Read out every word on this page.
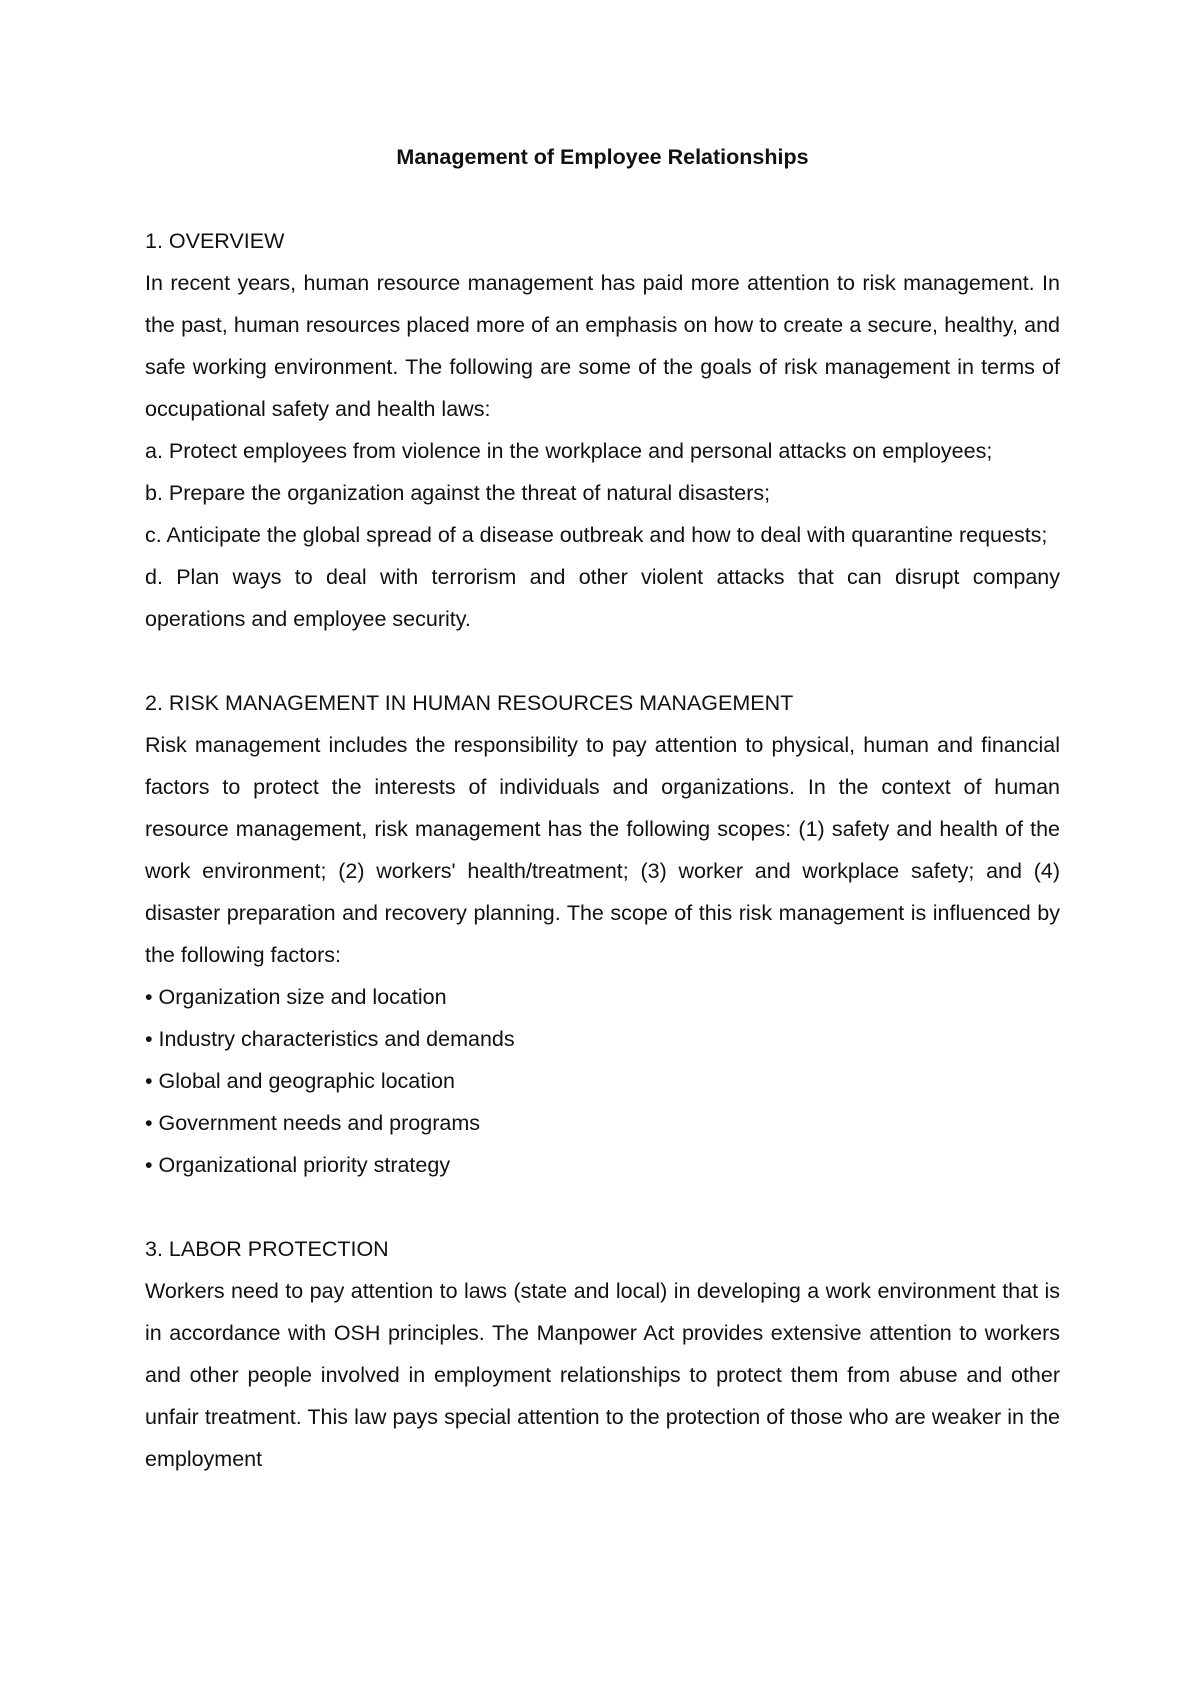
Management of Employee Relationships

1. OVERVIEW

In recent years, human resource management has paid more attention to risk management. In the past, human resources placed more of an emphasis on how to create a secure, healthy, and safe working environment. The following are some of the goals of risk management in terms of occupational safety and health laws:

a. Protect employees from violence in the workplace and personal attacks on employees;

b. Prepare the organization against the threat of natural disasters;

c. Anticipate the global spread of a disease outbreak and how to deal with quarantine requests;

d. Plan ways to deal with terrorism and other violent attacks that can disrupt company operations and employee security.

2. RISK MANAGEMENT IN HUMAN RESOURCES MANAGEMENT

Risk management includes the responsibility to pay attention to physical, human and financial factors to protect the interests of individuals and organizations. In the context of human resource management, risk management has the following scopes: (1) safety and health of the work environment; (2) workers' health/treatment; (3) worker and workplace safety; and (4) disaster preparation and recovery planning. The scope of this risk management is influenced by the following factors:

• Organization size and location

• Industry characteristics and demands

• Global and geographic location

• Government needs and programs

• Organizational priority strategy

3. LABOR PROTECTION

Workers need to pay attention to laws (state and local) in developing a work environment that is in accordance with OSH principles. The Manpower Act provides extensive attention to workers and other people involved in employment relationships to protect them from abuse and other unfair treatment. This law pays special attention to the protection of those who are weaker in the employment
